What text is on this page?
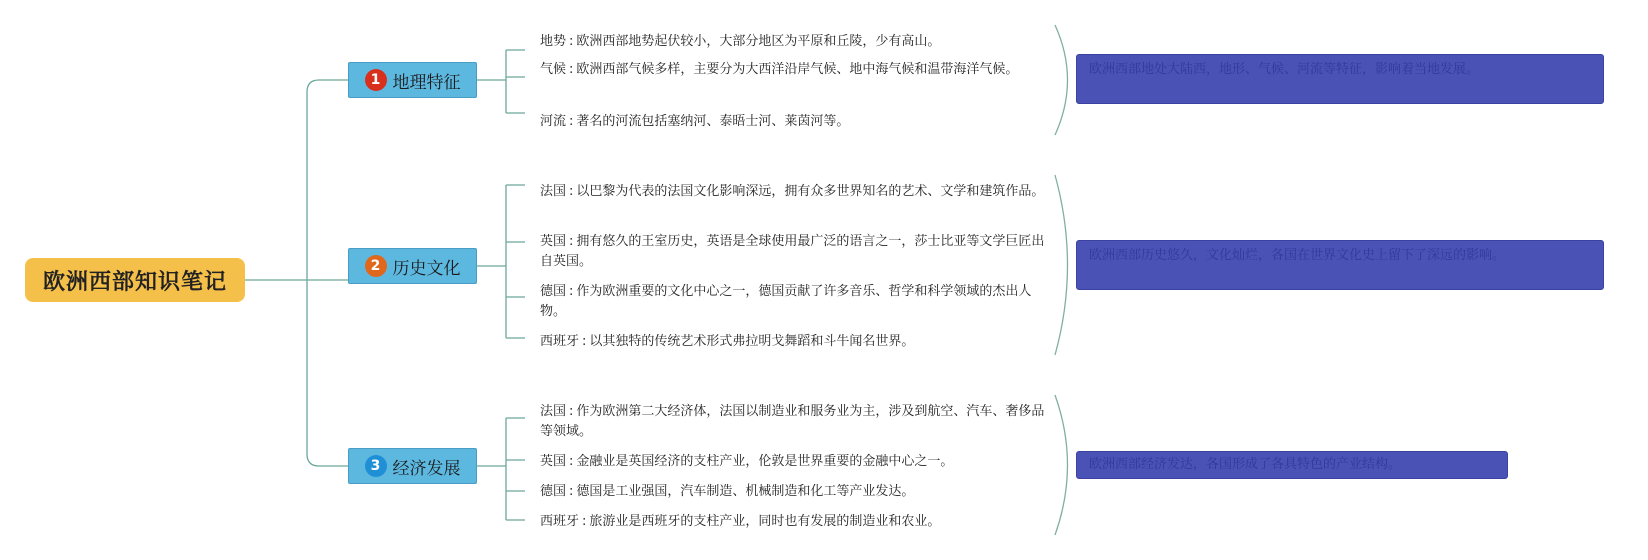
欧洲西部知识笔记
1 地理特征
地势 : 欧洲西部地势起伏较小，大部分地区为平原和丘陵，少有高山。
气候 : 欧洲西部气候多样，主要分为大西洋沿岸气候、地中海气候和温带海洋气候。
河流 : 著名的河流包括塞纳河、泰晤士河、莱茵河等。
欧洲西部地处大陆西，地形、气候、河流等特征，影响着当地发展。
2 历史文化
法国 : 以巴黎为代表的法国文化影响深远，拥有众多世界知名的艺术、文学和建筑作品。
英国 : 拥有悠久的王室历史，英语是全球使用最广泛的语言之一，莎士比亚等文学巨匠出自英国。
德国 : 作为欧洲重要的文化中心之一，德国贡献了许多音乐、哲学和科学领域的杰出人物。
西班牙 : 以其独特的传统艺术形式弗拉明戈舞蹈和斗牛闻名世界。
欧洲西部历史悠久，文化灿烂，各国在世界文化史上留下了深远的影响。
3 经济发展
法国 : 作为欧洲第二大经济体，法国以制造业和服务业为主，涉及到航空、汽车、奢侈品等领域。
英国 : 金融业是英国经济的支柱产业，伦敦是世界重要的金融中心之一。
德国 : 德国是工业强国，汽车制造、机械制造和化工等产业发达。
西班牙 : 旅游业是西班牙的支柱产业，同时也有发展的制造业和农业。
欧洲西部经济发达，各国形成了各具特色的产业结构。
